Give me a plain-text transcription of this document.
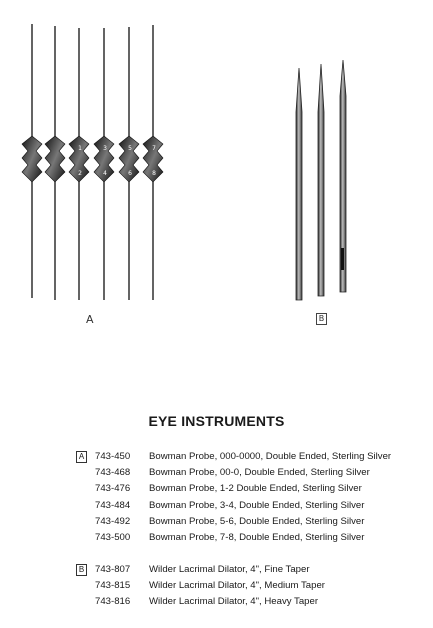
1
2
3
4
5
6
7
8
A	B
EYE INSTRUMENTS
A 743-450 Bowman Probe, 000-0000, Double Ended, Sterling Silver
743-468 Bowman Probe, 00-0, Double Ended, Sterling Silver
743-476 Bowman Probe, 1-2 Double Ended, Sterling Silver
743-484 Bowman Probe, 3-4, Double Ended, Sterling Silver
743-492 Bowman Probe, 5-6, Double Ended, Sterling Silver
743-500 Bowman Probe, 7-8, Double Ended, Sterling Silver
B 743-807 Wilder Lacrimal Dilator, 4", Fine Taper
743-815 Wilder Lacrimal Dilator, 4", Medium Taper
743-816 Wilder Lacrimal Dilator, 4", Heavy Taper
